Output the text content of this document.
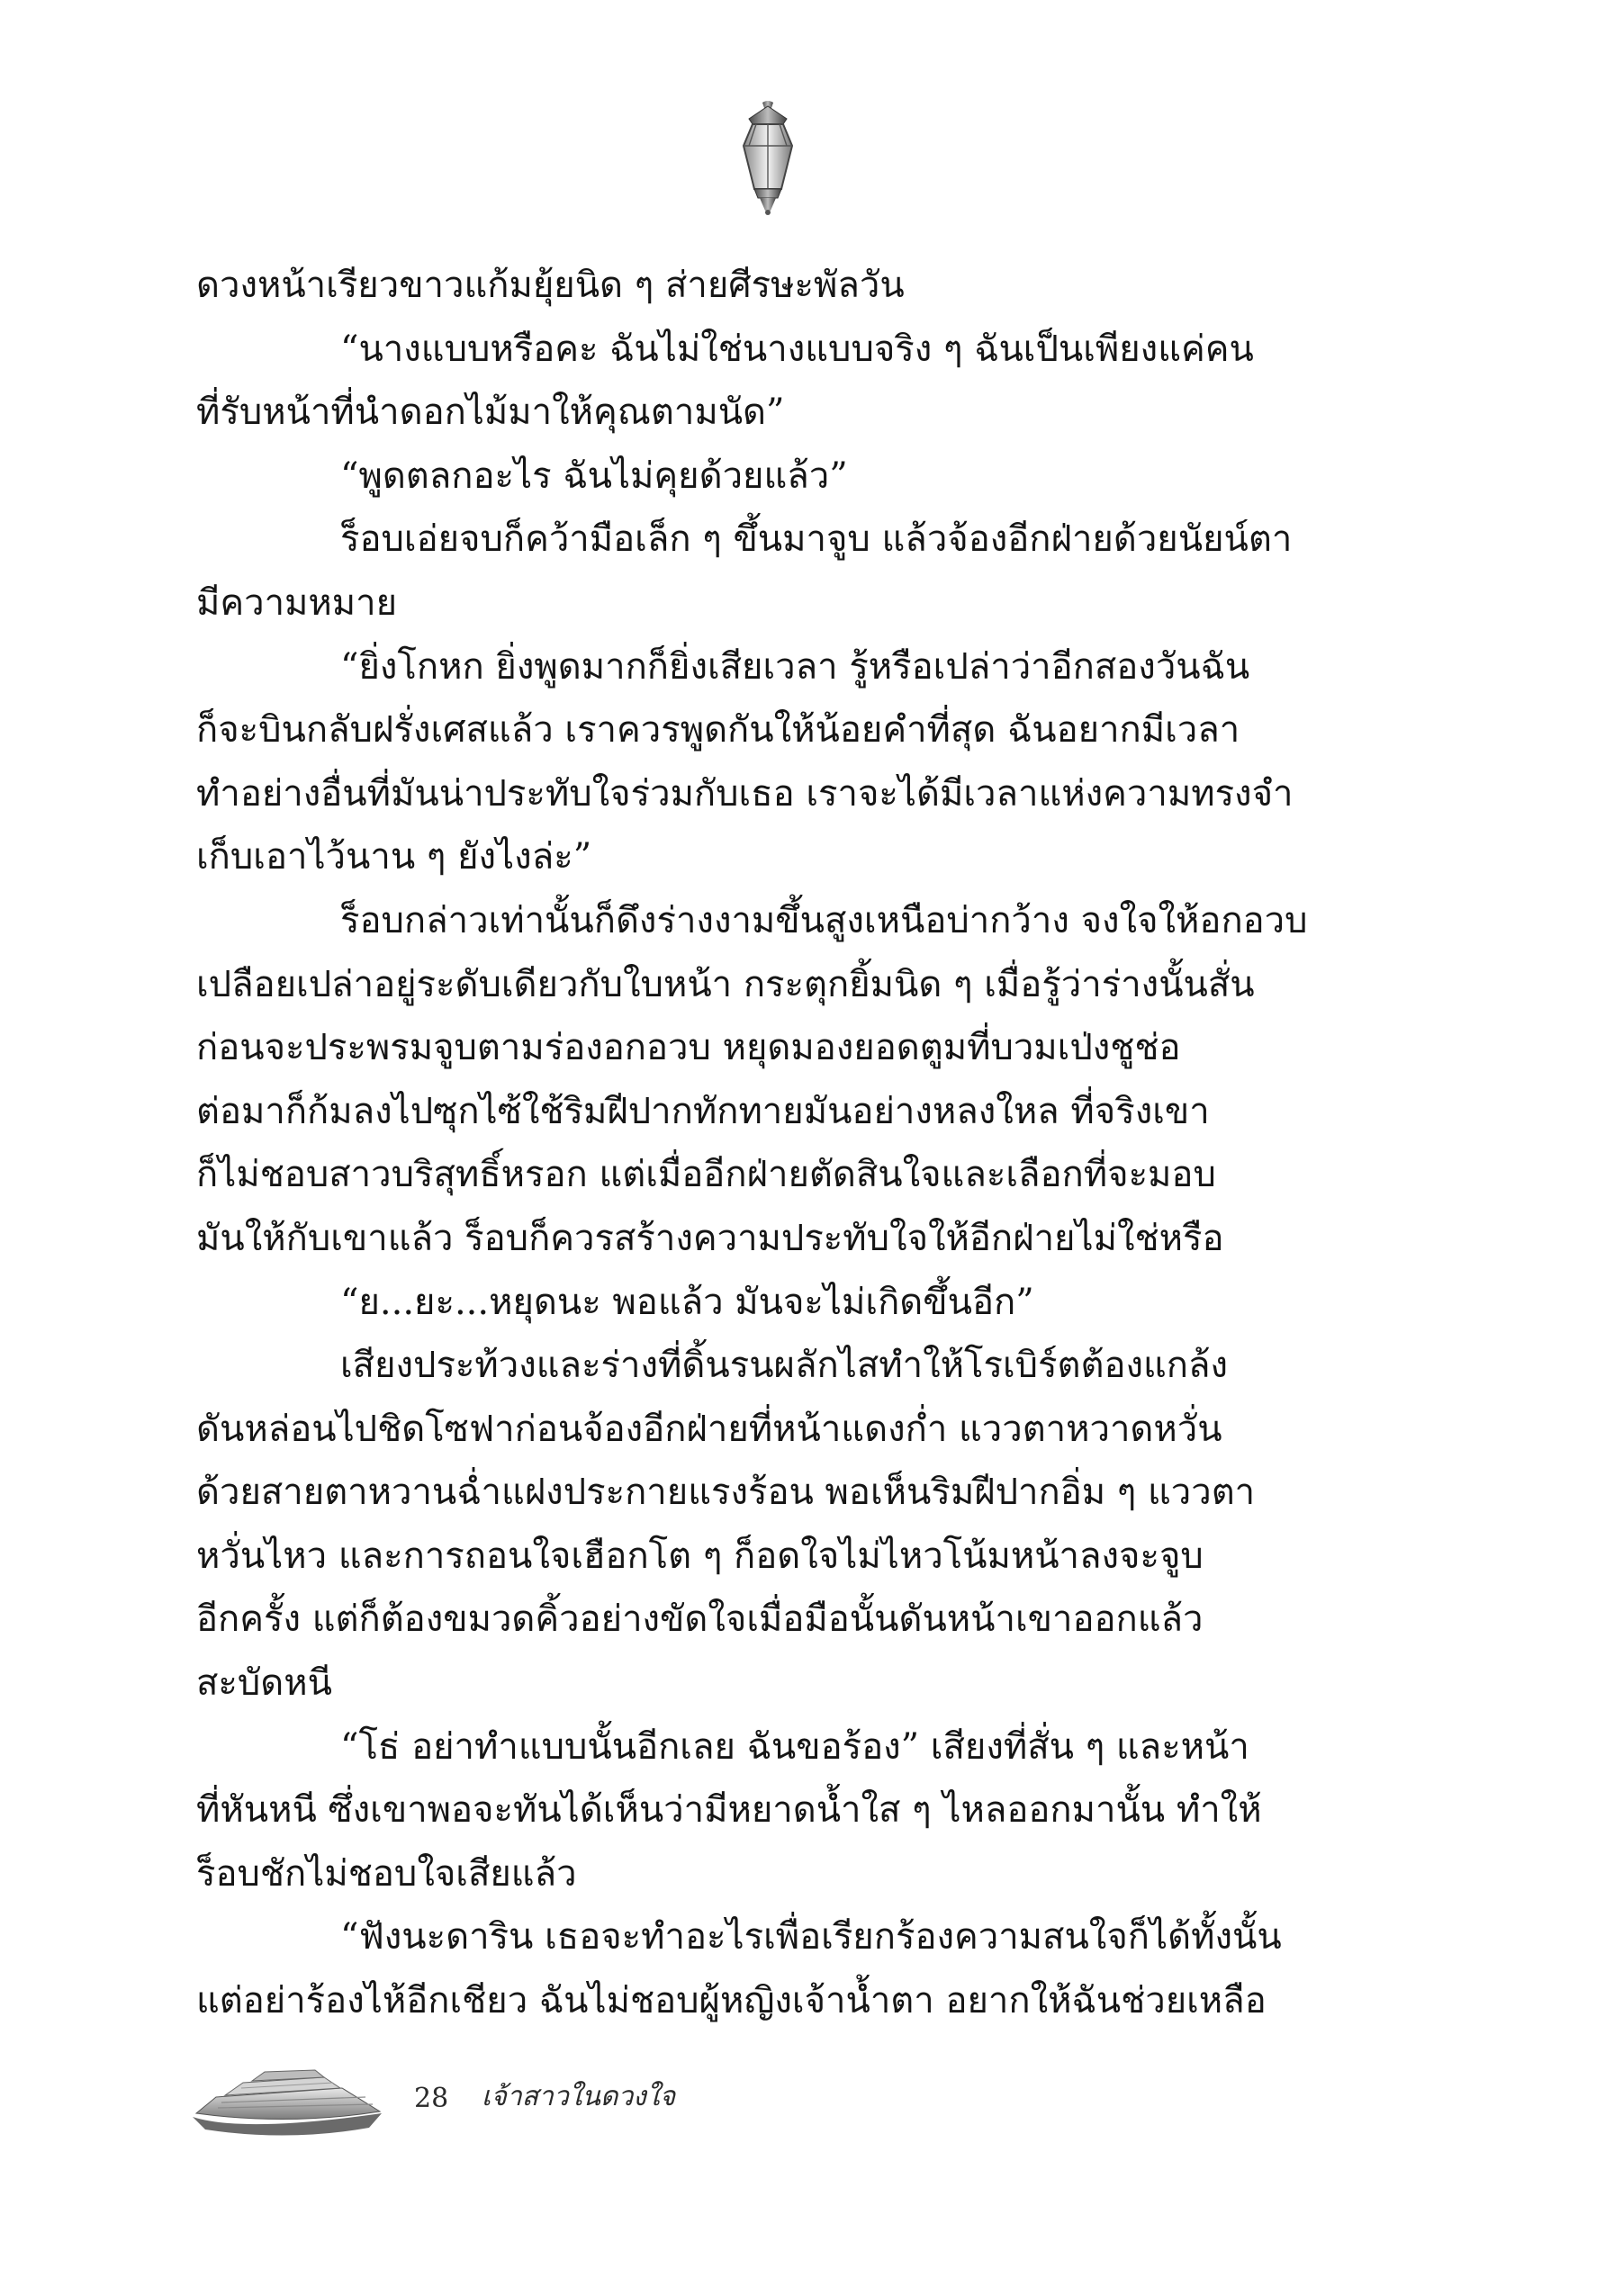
ดวงหน้าเรียวขาวแก้มยุ้ยนิด ๆ ส่ายศีรษะพัลวัน
“นางแบบหรือคะ ฉันไม่ใช่นางแบบจริง ๆ ฉันเป็นเพียงแค่คน
ที่รับหน้าที่นำดอกไม้มาให้คุณตามนัด”
“พูดตลกอะไร ฉันไม่คุยด้วยแล้ว”
ร็อบเอ่ยจบก็คว้ามือเล็ก ๆ ขึ้นมาจูบ แล้วจ้องอีกฝ่ายด้วยนัยน์ตา
มีความหมาย
“ยิ่งโกหก ยิ่งพูดมากก็ยิ่งเสียเวลา รู้หรือเปล่าว่าอีกสองวันฉัน
ก็จะบินกลับฝรั่งเศสแล้ว เราควรพูดกันให้น้อยคำที่สุด ฉันอยากมีเวลา
ทำอย่างอื่นที่มันน่าประทับใจร่วมกับเธอ เราจะได้มีเวลาแห่งความทรงจำ
เก็บเอาไว้นาน ๆ ยังไงล่ะ”
ร็อบกล่าวเท่านั้นก็ดึงร่างงามขึ้นสูงเหนือบ่ากว้าง จงใจให้อกอวบ
เปลือยเปล่าอยู่ระดับเดียวกับใบหน้า กระตุกยิ้มนิด ๆ เมื่อรู้ว่าร่างนั้นสั่น
ก่อนจะประพรมจูบตามร่องอกอวบ หยุดมองยอดตูมที่บวมเป่งชูช่อ
ต่อมาก็ก้มลงไปซุกไซ้ใช้ริมฝีปากทักทายมันอย่างหลงใหล ที่จริงเขา
ก็ไม่ชอบสาวบริสุทธิ์หรอก แต่เมื่ออีกฝ่ายตัดสินใจและเลือกที่จะมอบ
มันให้กับเขาแล้ว ร็อบก็ควรสร้างความประทับใจให้อีกฝ่ายไม่ใช่หรือ
“ย...ยะ...หยุดนะ พอแล้ว มันจะไม่เกิดขึ้นอีก”
เสียงประท้วงและร่างที่ดิ้นรนผลักไสทำให้โรเบิร์ตต้องแกล้ง
ดันหล่อนไปชิดโซฟาก่อนจ้องอีกฝ่ายที่หน้าแดงก่ำ แววตาหวาดหวั่น
ด้วยสายตาหวานฉ่ำแฝงประกายแรงร้อน พอเห็นริมฝีปากอิ่ม ๆ แววตา
หวั่นไหว และการถอนใจเฮือกโต ๆ ก็อดใจไม่ไหวโน้มหน้าลงจะจูบ
อีกครั้ง แต่ก็ต้องขมวดคิ้วอย่างขัดใจเมื่อมือนั้นดันหน้าเขาออกแล้ว
สะบัดหนี
“โธ่ อย่าทำแบบนั้นอีกเลย ฉันขอร้อง” เสียงที่สั่น ๆ และหน้า
ที่หันหนี ซึ่งเขาพอจะทันได้เห็นว่ามีหยาดน้ำใส ๆ ไหลออกมานั้น ทำให้
ร็อบชักไม่ชอบใจเสียแล้ว
“ฟังนะดาริน เธอจะทำอะไรเพื่อเรียกร้องความสนใจก็ได้ทั้งนั้น
แต่อย่าร้องไห้อีกเชียว ฉันไม่ชอบผู้หญิงเจ้าน้ำตา อยากให้ฉันช่วยเหลือ
28 เจ้าสาวในดวงใจ
